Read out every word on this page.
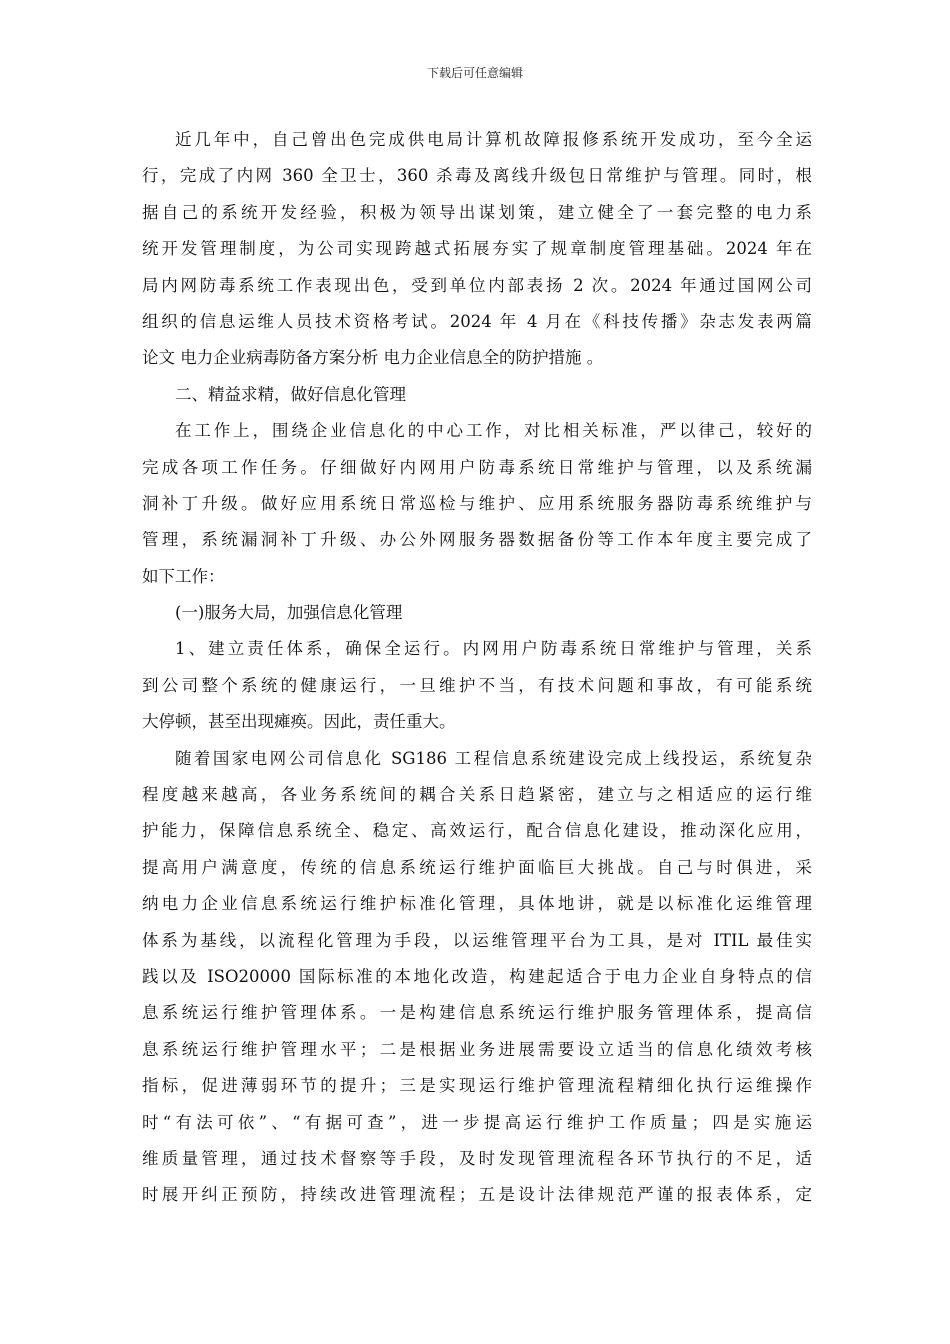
下载后可任意编辑
近几年中，自己曾出色完成供电局计算机故障报修系统开发成功，至今全运
行，完成了内网 360 全卫士，360 杀毒及离线升级包日常维护与管理。同时，根
据自己的系统开发经验，积极为领导出谋划策，建立健全了一套完整的电力系
统开发管理制度，为公司实现跨越式拓展夯实了规章制度管理基础。2024 年在
局内网防毒系统工作表现出色，受到单位内部表扬 2 次。2024 年通过国网公司
组织的信息运维人员技术资格考试。2024 年 4 月在《科技传播》杂志发表两篇
论文 电力企业病毒防备方案分析 电力企业信息全的防护措施 。
二、精益求精，做好信息化管理
在工作上，围绕企业信息化的中心工作，对比相关标准，严以律己，较好的
完成各项工作任务。仔细做好内网用户防毒系统日常维护与管理，以及系统漏
洞补丁升级。做好应用系统日常巡检与维护、应用系统服务器防毒系统维护与
管理，系统漏洞补丁升级、办公外网服务器数据备份等工作本年度主要完成了
如下工作：
(一)服务大局，加强信息化管理
1、建立责任体系，确保全运行。内网用户防毒系统日常维护与管理，关系
到公司整个系统的健康运行，一旦维护不当，有技术问题和事故，有可能系统
大停顿，甚至出现瘫痪。因此，责任重大。
随着国家电网公司信息化 SG186 工程信息系统建设完成上线投运，系统复杂
程度越来越高，各业务系统间的耦合关系日趋紧密，建立与之相适应的运行维
护能力，保障信息系统全、稳定、高效运行，配合信息化建设，推动深化应用，
提高用户满意度，传统的信息系统运行维护面临巨大挑战。自己与时俱进，采
纳电力企业信息系统运行维护标准化管理，具体地讲，就是以标准化运维管理
体系为基线，以流程化管理为手段，以运维管理平台为工具，是对 ITIL 最佳实
践以及 ISO20000 国际标准的本地化改造，构建起适合于电力企业自身特点的信
息系统运行维护管理体系。一是构建信息系统运行维护服务管理体系，提高信
息系统运行维护管理水平；二是根据业务进展需要设立适当的信息化绩效考核
指标，促进薄弱环节的提升；三是实现运行维护管理流程精细化执行运维操作
时“有法可依”、“有据可查”，进一步提高运行维护工作质量；四是实施运
维质量管理，通过技术督察等手段，及时发现管理流程各环节执行的不足，适
时展开纠正预防，持续改进管理流程；五是设计法律规范严谨的报表体系，定
